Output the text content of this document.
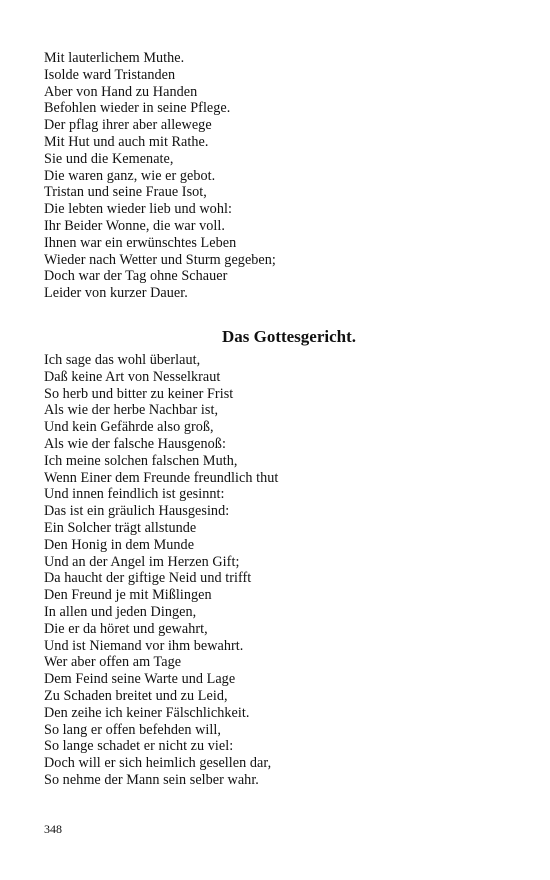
Mit lauterlichem Muthe.
Isolde ward Tristanden
Aber von Hand zu Handen
Befohlen wieder in seine Pflege.
Der pflag ihrer aber allewege
Mit Hut und auch mit Rathe.
Sie und die Kemenate,
Die waren ganz, wie er gebot.
Tristan und seine Fraue Isot,
Die lebten wieder lieb und wohl:
Ihr Beider Wonne, die war voll.
Ihnen war ein erwünschtes Leben
Wieder nach Wetter und Sturm gegeben;
Doch war der Tag ohne Schauer
Leider von kurzer Dauer.
Das Gottesgericht.
Ich sage das wohl überlaut,
Daß keine Art von Nesselkraut
So herb und bitter zu keiner Frist
Als wie der herbe Nachbar ist,
Und kein Gefährde also groß,
Als wie der falsche Hausgenoß:
Ich meine solchen falschen Muth,
Wenn Einer dem Freunde freundlich thut
Und innen feindlich ist gesinnt:
Das ist ein gräulich Hausgesind:
Ein Solcher trägt allstunde
Den Honig in dem Munde
Und an der Angel im Herzen Gift;
Da haucht der giftige Neid und trifft
Den Freund je mit Mißlingen
In allen und jeden Dingen,
Die er da höret und gewahrt,
Und ist Niemand vor ihm bewahrt.
Wer aber offen am Tage
Dem Feind seine Warte und Lage
Zu Schaden breitet und zu Leid,
Den zeihe ich keiner Fälschlichkeit.
So lang er offen befehden will,
So lange schadet er nicht zu viel:
Doch will er sich heimlich gesellen dar,
So nehme der Mann sein selber wahr.
348
